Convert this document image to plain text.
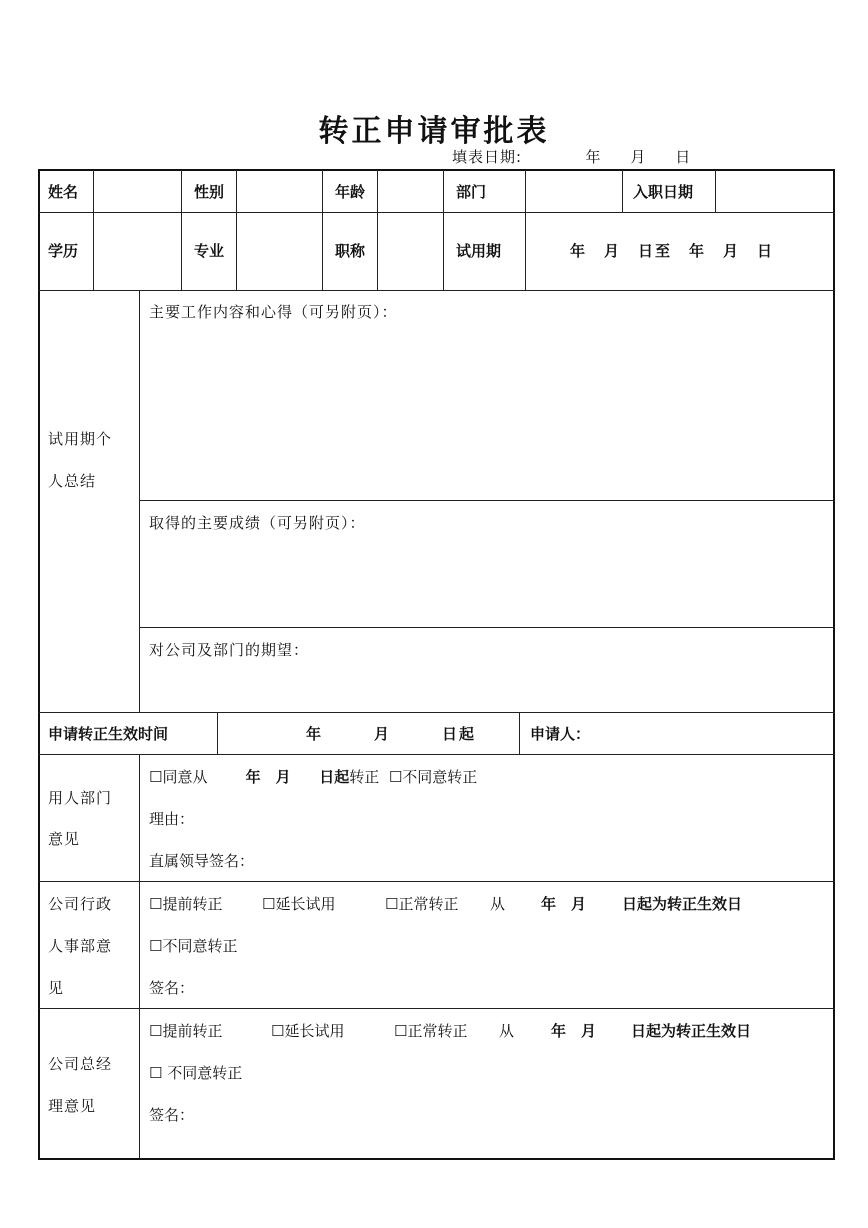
转正申请审批表
填表日期:	年 月 日
姓名	性别	年龄	部门	入职日期
学历	专业	职称	试用期	年　月　日至　年　月　日
试用期个
人总结
主要工作内容和心得（可另附页）：
取得的主要成绩（可另附页）：
对公司及部门的期望：
申请转正生效时间	年　　　月　　　日起	申请人：
用人部门
意见
☐同意从	年　月 日起转正 ☐不同意转正
理由：
直属领导签名：
公司行政
人事部意
见
☐提前转正	☐延长试用	☐正常转正 从 年　月 日起为转正生效日
☐不同意转正
签名：
公司总经
理意见
☐提前转正	☐延长试用	☐正常转正 从 年　月 日起为转正生效日
☐ 不同意转正
签名：
